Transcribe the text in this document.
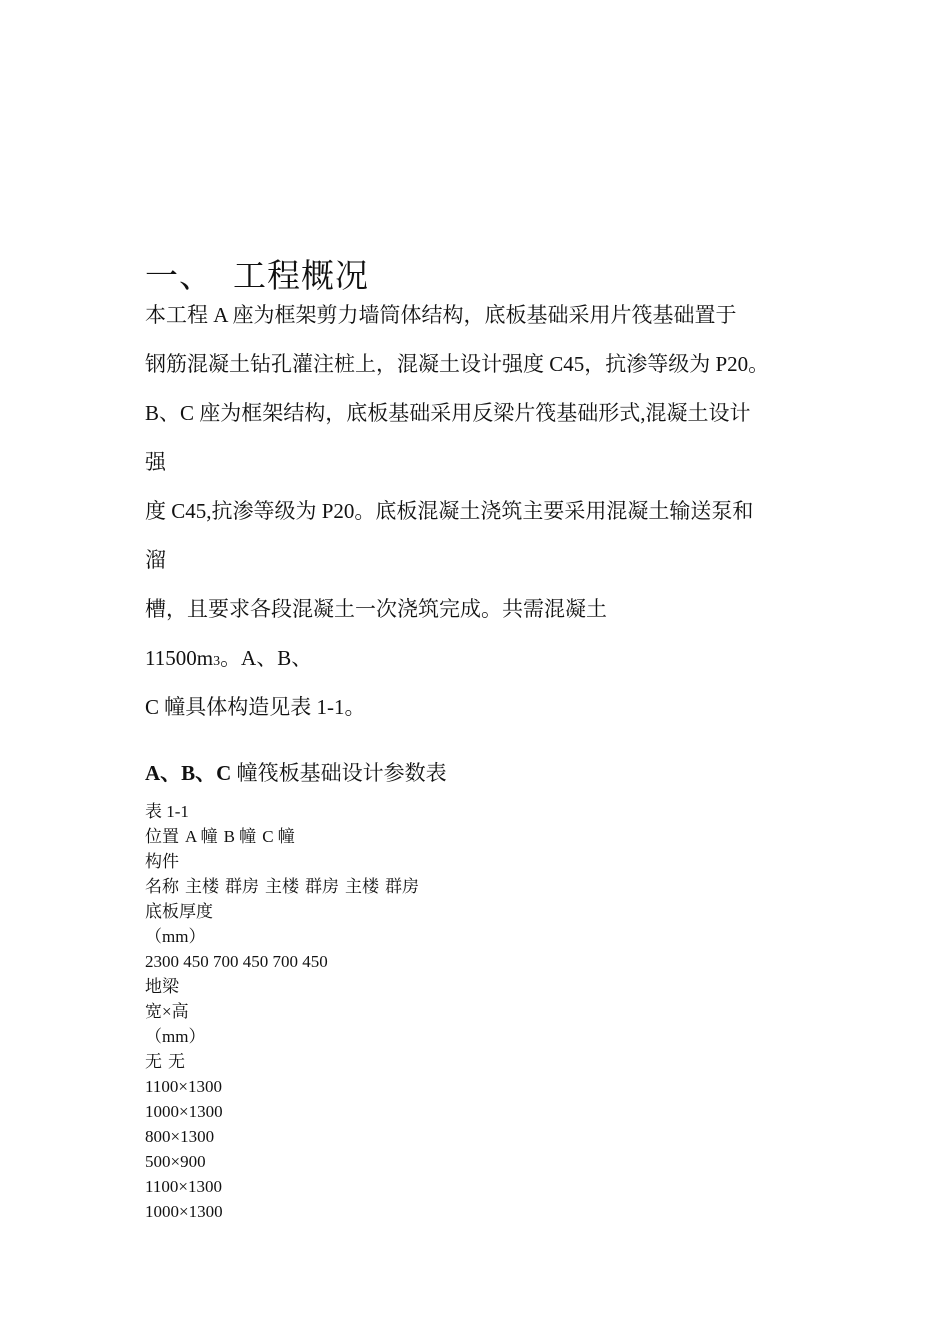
一、 工程概况
本工程 A 座为框架剪力墙筒体结构，底板基础采用片筏基础置于
钢筋混凝土钻孔灌注桩上，混凝土设计强度 C45，抗渗等级为 P20。
B、C 座为框架结构，底板基础采用反梁片筏基础形式,混凝土设计
强
度 C45,抗渗等级为 P20。底板混凝土浇筑主要采用混凝土输送泵和
溜
槽，且要求各段混凝土一次浇筑完成。共需混凝土
11500m3。A、B、
C 幢具体构造见表 1-1。
A、B、C 幢筏板基础设计参数表
表 1-1
位置 A 幢 B 幢 C 幢
构件
名称 主楼 群房 主楼 群房 主楼 群房
底板厚度
（mm）
2300 450 700 450 700 450
地梁
宽×高
（mm）
无 无
1100×1300
1000×1300
800×1300
500×900
1100×1300
1000×1300
